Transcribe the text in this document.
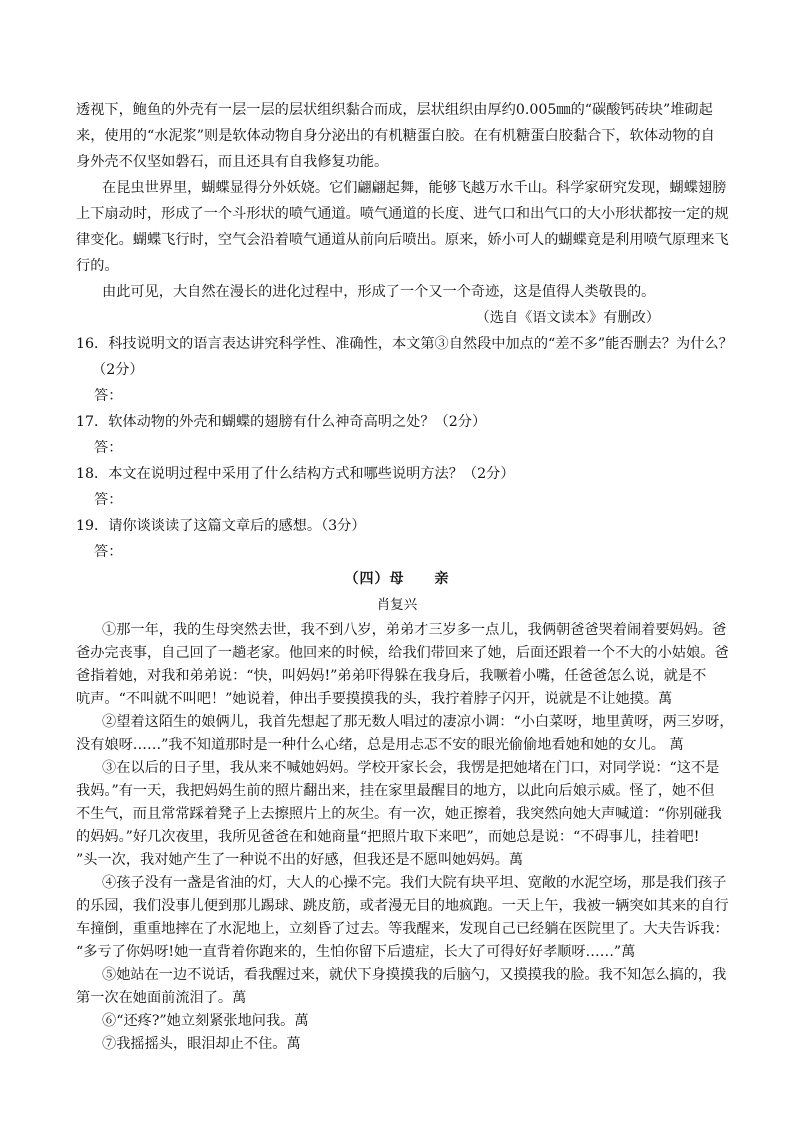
透视下，鲍鱼的外壳有一层一层的层状组织黏合而成，层状组织由厚约0.005㎜的“碳酸钙砖块”堆砌起
来，使用的“水泥浆”则是软体动物自身分泌出的有机糖蛋白胶。在有机糖蛋白胶黏合下，软体动物的自
身外壳不仅坚如磐石，而且还具有自我修复功能。
在昆虫世界里，蝴蝶显得分外妖娆。它们翩翩起舞，能够飞越万水千山。科学家研究发现，蝴蝶翅膀
上下扇动时，形成了一个斗形状的喷气通道。喷气通道的长度、进气口和出气口的大小形状都按一定的规
律变化。蝴蝶飞行时，空气会沿着喷气通道从前向后喷出。原来，娇小可人的蝴蝶竟是利用喷气原理来飞
行的。
由此可见，大自然在漫长的进化过程中，形成了一个又一个奇迹，这是值得人类敬畏的。
（选自《语文读本》有删改）
16．科技说明文的语言表达讲究科学性、准确性，本文第③自然段中加点的“差不多”能否删去？为什么？
（2分）
答：
17．软体动物的外壳和蝴蝶的翅膀有什么神奇高明之处？（2分）
答：
18．本文在说明过程中采用了什么结构方式和哪些说明方法？（2分）
答：
19．请你谈谈读了这篇文章后的感想。（3分）
答：
（四）母　　亲
肖复兴
①那一年，我的生母突然去世，我不到八岁，弟弟才三岁多一点儿，我俩朝爸爸哭着闹着要妈妈。爸
爸办完丧事，自己回了一趟老家。他回来的时候，给我们带回来了她，后面还跟着一个不大的小姑娘。爸
爸指着她，对我和弟弟说：“快，叫妈妈!”弟弟吓得躲在我身后，我噘着小嘴，任爸爸怎么说，就是不
吭声。“不叫就不叫吧！”她说着，伸出手要摸摸我的头，我拧着脖子闪开，说就是不让她摸。萬
②望着这陌生的娘俩儿，我首先想起了那无数人唱过的凄凉小调：“小白菜呀，地里黄呀，两三岁呀，
没有娘呀……”我不知道那时是一种什么心绪，总是用忐忑不安的眼光偷偷地看她和她的女儿。 萬
③在以后的日子里，我从来不喊她妈妈。学校开家长会，我愣是把她堵在门口，对同学说：“这不是
我妈。”有一天，我把妈妈生前的照片翻出来，挂在家里最醒目的地方，以此向后娘示威。怪了，她不但
不生气，而且常常踩着凳子上去擦照片上的灰尘。有一次，她正擦着，我突然向她大声喊道：“你别碰我
的妈妈。”好几次夜里，我所见爸爸在和她商量“把照片取下来吧”，而她总是说：“不碍事儿，挂着吧!
”头一次，我对她产生了一种说不出的好感，但我还是不愿叫她妈妈。萬
④孩子没有一盏是省油的灯，大人的心操不完。我们大院有块平坦、宽敞的水泥空场，那是我们孩子
的乐园，我们没事儿便到那儿踢球、跳皮筋，或者漫无目的地疯跑。一天上午，我被一辆突如其来的自行
车撞倒，重重地摔在了水泥地上，立刻昏了过去。等我醒来，发现自己已经躺在医院里了。大夫告诉我：
“多亏了你妈呀!她一直背着你跑来的，生怕你留下后遗症，长大了可得好好孝顺呀……”萬
⑤她站在一边不说话，看我醒过来，就伏下身摸摸我的后脑勺，又摸摸我的脸。我不知怎么搞的，我
第一次在她面前流泪了。萬
⑥“还疼?”她立刻紧张地问我。萬
⑦我摇摇头，眼泪却止不住。萬
